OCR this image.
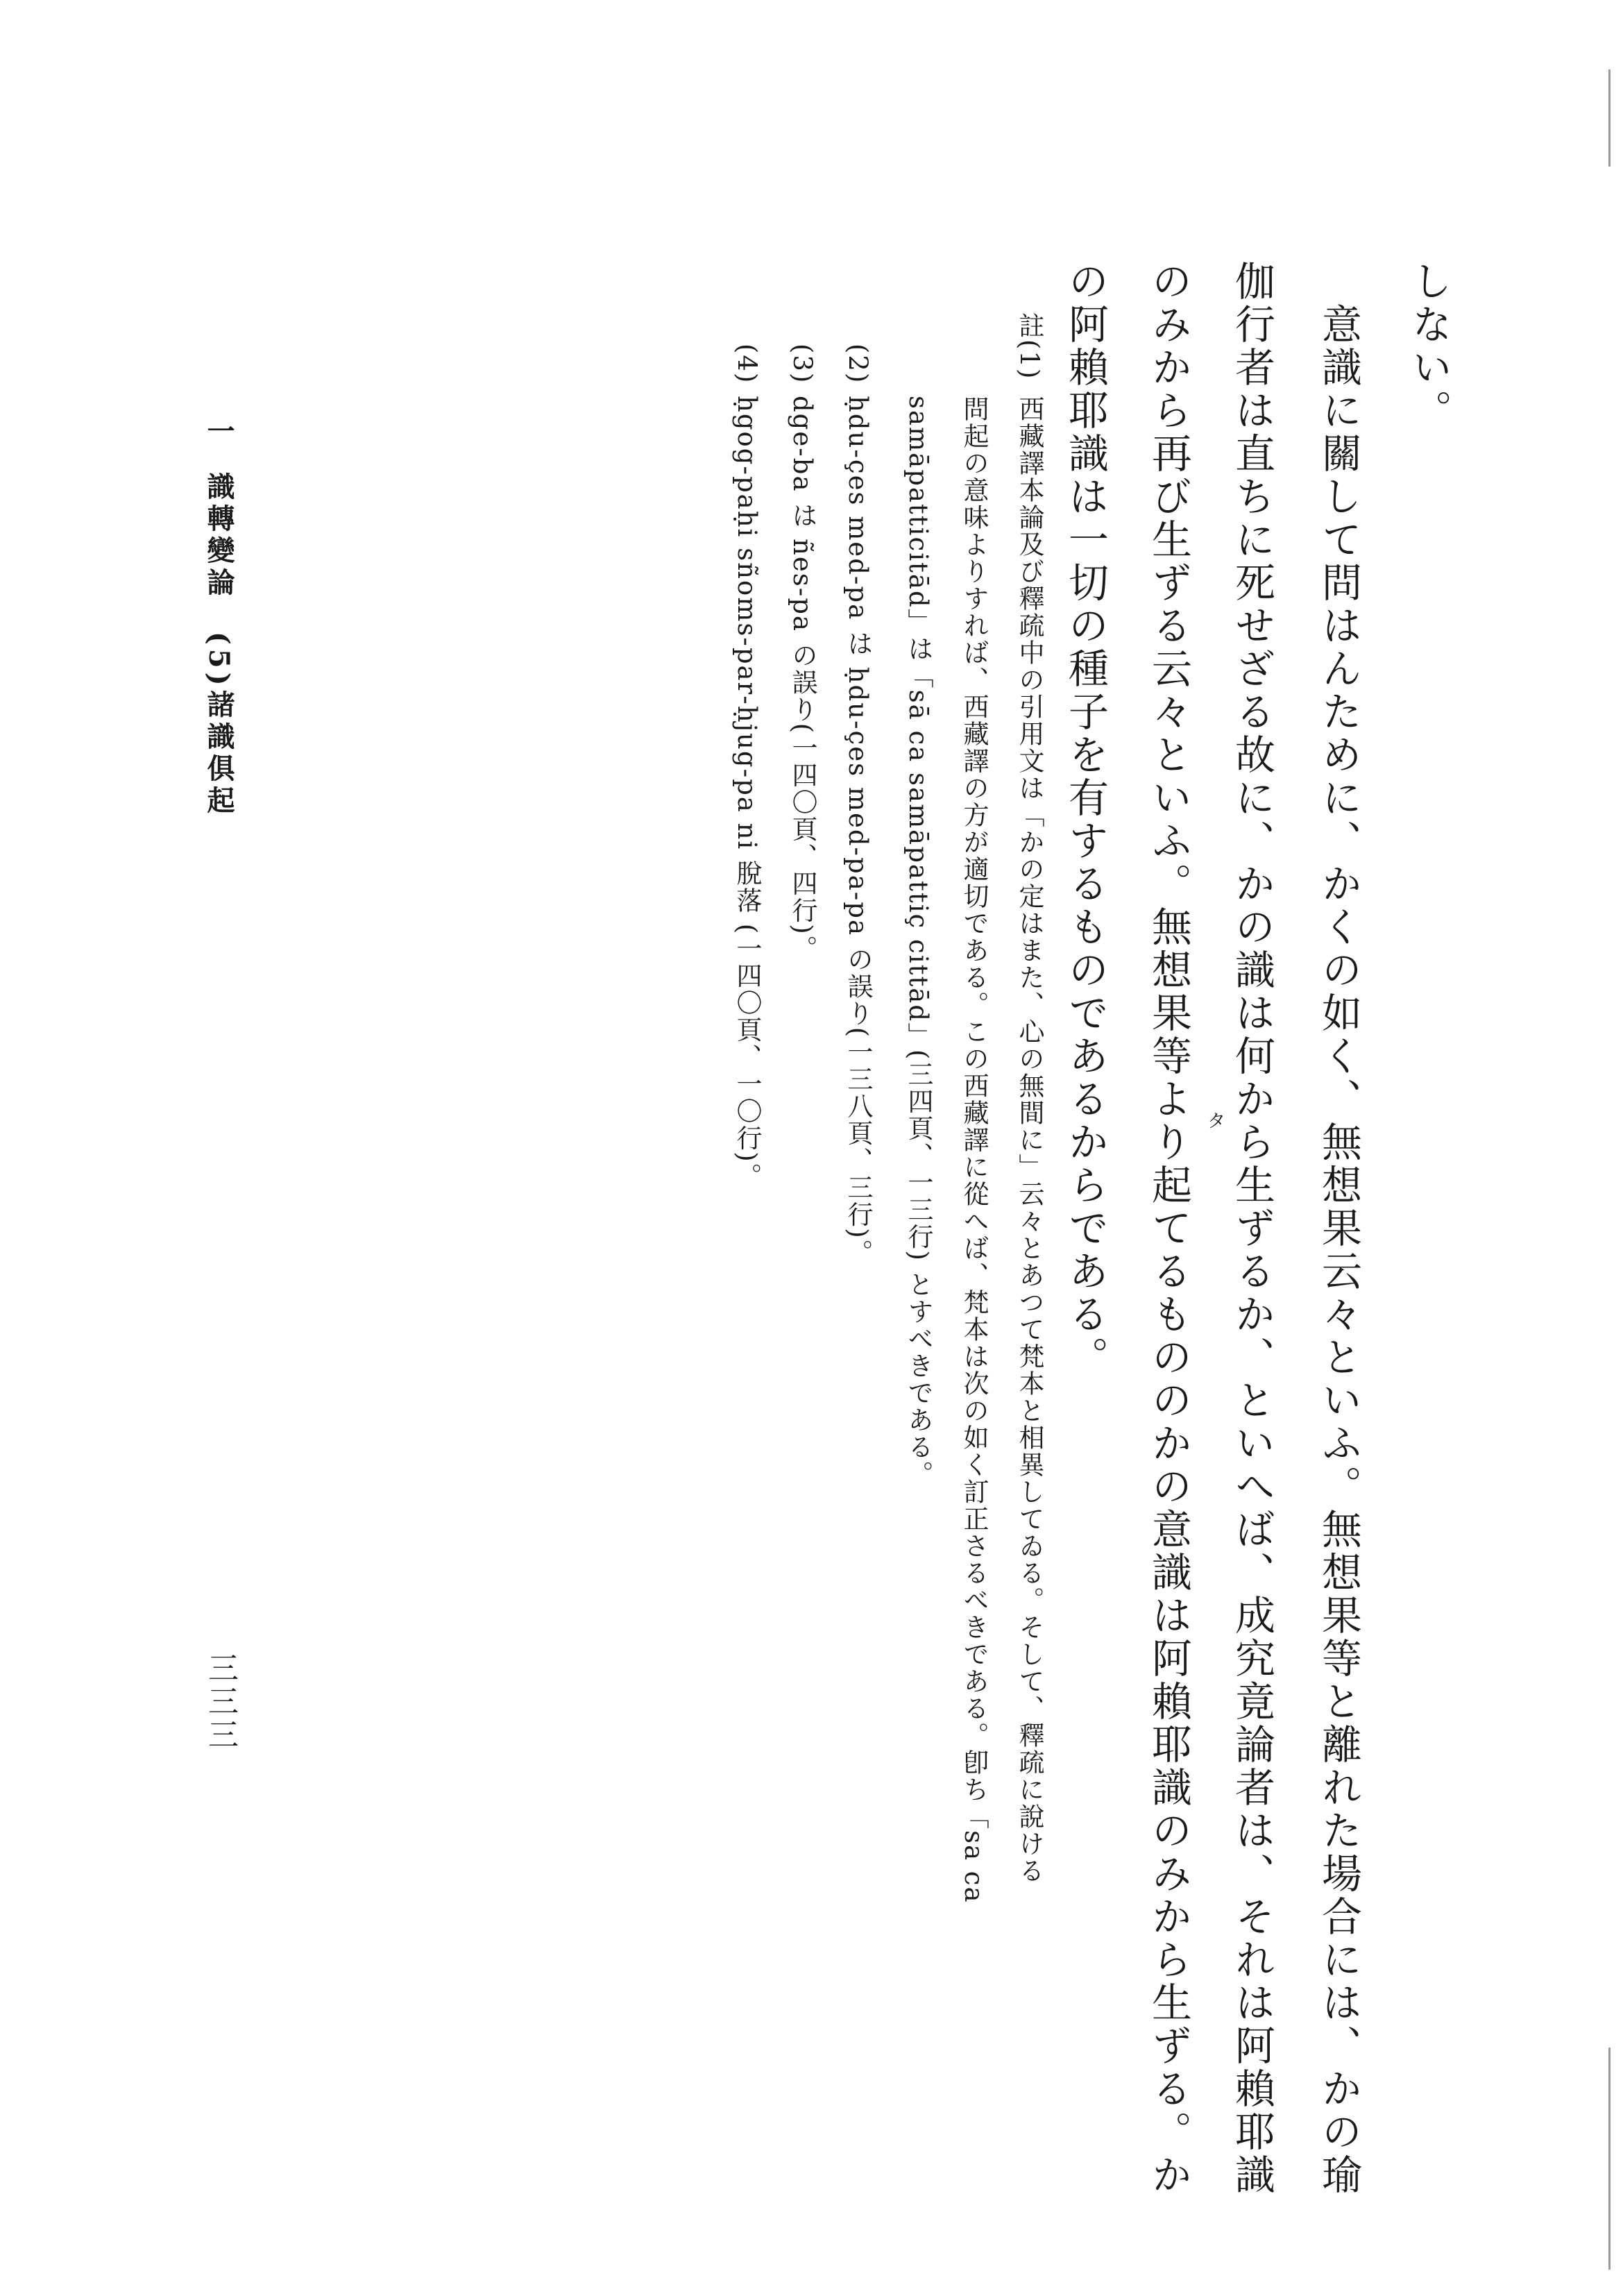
しない。
　意識に關して問はんために、かくの如く、無想果云々といふ。無想果等と離れた場合には、かの瑜
伽行者は直ちに死せざる故に、かの識は何から生ずるか、といへば、成究竟論者は、それは阿賴耶識
のみから再び生ずる云々といふ。無想果等より起てるもののかの意識は阿賴耶識のみから生ずる。か
の阿賴耶識は一切の種子を有するものであるからである。	タ
註(1)
西藏譯本論及び釋疏中の引用文は「かの定はまた、心の無間に」云々とあつて梵本と相異してゐる。そして、釋疏に說ける
問起の意味よりすれば、西藏譯の方が適切である。この西藏譯に從へば、梵本は次の如く訂正さるべきである。卽ち「sa ca
samāpatticitād」は「sā ca samāpattiç cittād」(三四頁、一三行) とすべきである。
(2)
ḥdu-çes med-pa は ḥdu-çes med-pa-pa の誤り(一三八頁、三行)。
(3)
dge-ba は ñes-pa の誤り(一四〇頁、四行)。
(4)
ḥgog-paḥi sñoms-par-ḥjug-pa ni 脫落 (一四〇頁、一〇行)。
一
識轉變論
(5)諸識俱起
三三三
